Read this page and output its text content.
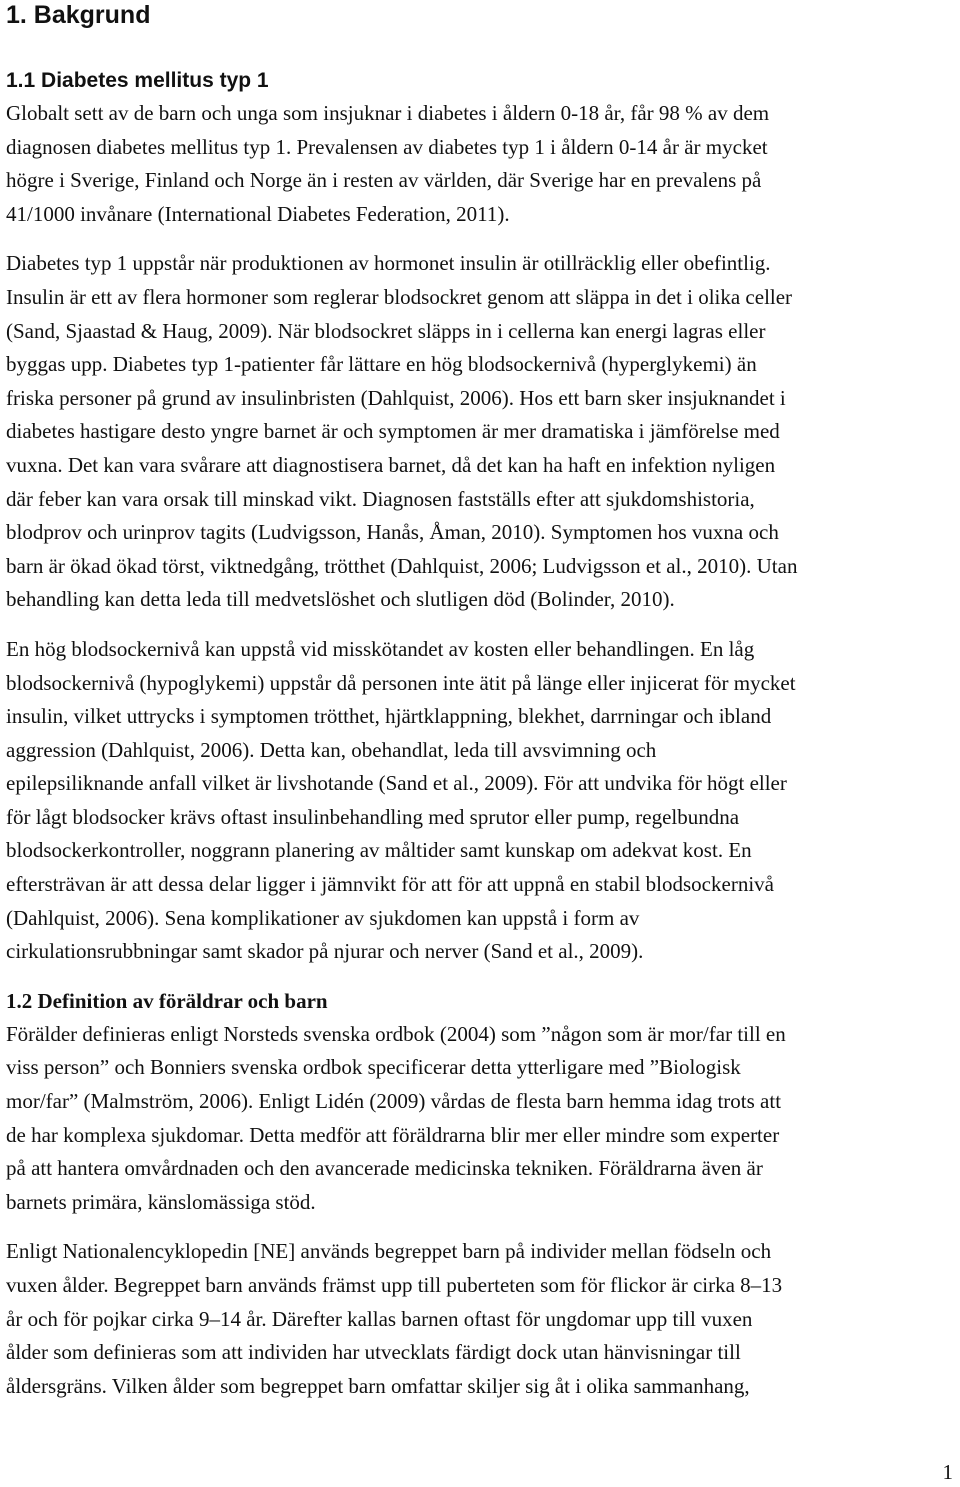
1. Bakgrund
1.1 Diabetes mellitus typ 1

Globalt sett av de barn och unga som insjuknar i diabetes i åldern 0-18 år, får 98 % av dem
diagnosen diabetes mellitus typ 1. Prevalensen av diabetes typ 1 i åldern 0-14 år är mycket
högre i Sverige, Finland och Norge än i resten av världen, där Sverige har en prevalens på
41/1000 invånare (International Diabetes Federation, 2011).

Diabetes typ 1 uppstår när produktionen av hormonet insulin är otillräcklig eller obefintlig.
Insulin är ett av flera hormoner som reglerar blodsockret genom att släppa in det i olika celler
(Sand, Sjaastad & Haug, 2009). När blodsockret släpps in i cellerna kan energi lagras eller
byggas upp. Diabetes typ 1-patienter får lättare en hög blodsockernivå (hyperglykemi) än
friska personer på grund av insulinbristen (Dahlquist, 2006). Hos ett barn sker insjuknandet i
diabetes hastigare desto yngre barnet är och symptomen är mer dramatiska i jämförelse med
vuxna. Det kan vara svårare att diagnostisera barnet, då det kan ha haft en infektion nyligen
där feber kan vara orsak till minskad vikt. Diagnosen fastställs efter att sjukdomshistoria,
blodprov och urinprov tagits (Ludvigsson, Hanås, Åman, 2010). Symptomen hos vuxna och
barn är ökad ökad törst, viktnedgång, trötthet (Dahlquist, 2006; Ludvigsson et al., 2010). Utan
behandling kan detta leda till medvetslöshet och slutligen död (Bolinder, 2010).

En hög blodsockernivå kan uppstå vid misskötandet av kosten eller behandlingen. En låg
blodsockernivå (hypoglykemi) uppstår då personen inte ätit på länge eller injicerat för mycket
insulin, vilket uttrycks i symptomen trötthet, hjärtklappning, blekhet, darrningar och ibland
aggression (Dahlquist, 2006). Detta kan, obehandlat, leda till avsvimning och
epilepsiliknande anfall vilket är livshotande (Sand et al., 2009). För att undvika för högt eller
för lågt blodsocker krävs oftast insulinbehandling med sprutor eller pump, regelbundna
blodsockerkontroller, noggrann planering av måltider samt kunskap om adekvat kost. En
eftersträvan är att dessa delar ligger i jämnvikt för att för att uppnå en stabil blodsockernivå
(Dahlquist, 2006). Sena komplikationer av sjukdomen kan uppstå i form av
cirkulationsrubbningar samt skador på njurar och nerver (Sand et al., 2009).

1.2 Definition av föräldrar och barn

Förälder definieras enligt Norsteds svenska ordbok (2004) som ”någon som är mor/far till en
viss person” och Bonniers svenska ordbok specificerar detta ytterligare med ”Biologisk
mor/far” (Malmström, 2006). Enligt Lidén (2009) vårdas de flesta barn hemma idag trots att
de har komplexa sjukdomar. Detta medför att föräldrarna blir mer eller mindre som experter
på att hantera omvårdnaden och den avancerade medicinska tekniken. Föräldrarna även är
barnets primära, känslomässiga stöd.

Enligt Nationalencyklopedin [NE] används begreppet barn på individer mellan födseln och
vuxen ålder. Begreppet barn används främst upp till puberteten som för flickor är cirka 8–13
år och för pojkar cirka 9–14 år. Därefter kallas barnen oftast för ungdomar upp till vuxen
ålder som definieras som att individen har utvecklats färdigt dock utan hänvisningar till
åldersgräns. Vilken ålder som begreppet barn omfattar skiljer sig åt i olika sammanhang,

1
